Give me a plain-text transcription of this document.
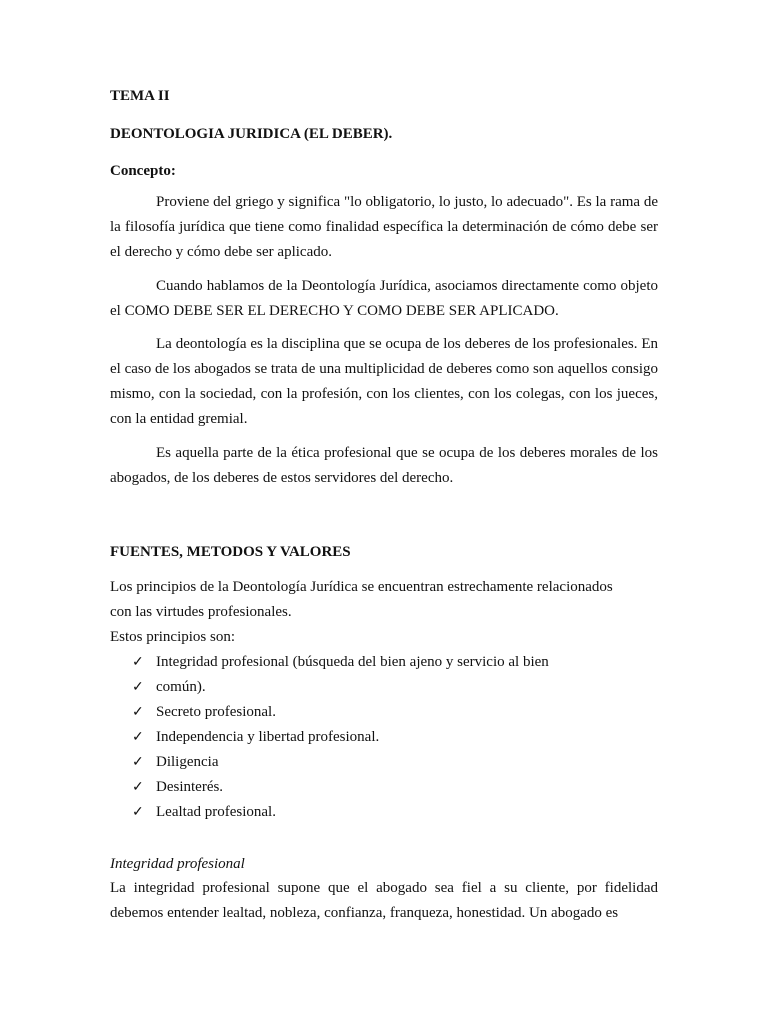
TEMA II
DEONTOLOGIA JURIDICA (EL DEBER).
Concepto:

Proviene del griego y significa "lo obligatorio, lo justo, lo adecuado". Es la rama de la filosofía jurídica que tiene como finalidad específica la determinación de cómo debe ser el derecho y cómo debe ser aplicado.

Cuando hablamos de la Deontología Jurídica, asociamos directamente como objeto el COMO DEBE SER EL DERECHO Y COMO DEBE SER APLICADO.

La deontología es la disciplina que se ocupa de los deberes de los profesionales. En el caso de los abogados se trata de una multiplicidad de deberes como son aquellos consigo mismo, con la sociedad, con la profesión, con los clientes, con los colegas, con los jueces, con la entidad gremial.

Es aquella parte de la ética profesional que se ocupa de los deberes morales de los abogados, de los deberes de estos servidores del derecho.

FUENTES, METODOS Y VALORES
Los principios de la Deontología Jurídica se encuentran estrechamente relacionados
con las virtudes profesionales.
Estos principios son:
✓ Integridad profesional (búsqueda del bien ajeno y servicio al bien
✓ común).
✓ Secreto profesional.
✓ Independencia y libertad profesional.
✓ Diligencia
✓ Desinterés.
✓ Lealtad profesional.
Integridad profesional

La integridad profesional supone que el abogado sea fiel a su cliente, por fidelidad debemos entender lealtad, nobleza, confianza, franqueza, honestidad. Un abogado es
